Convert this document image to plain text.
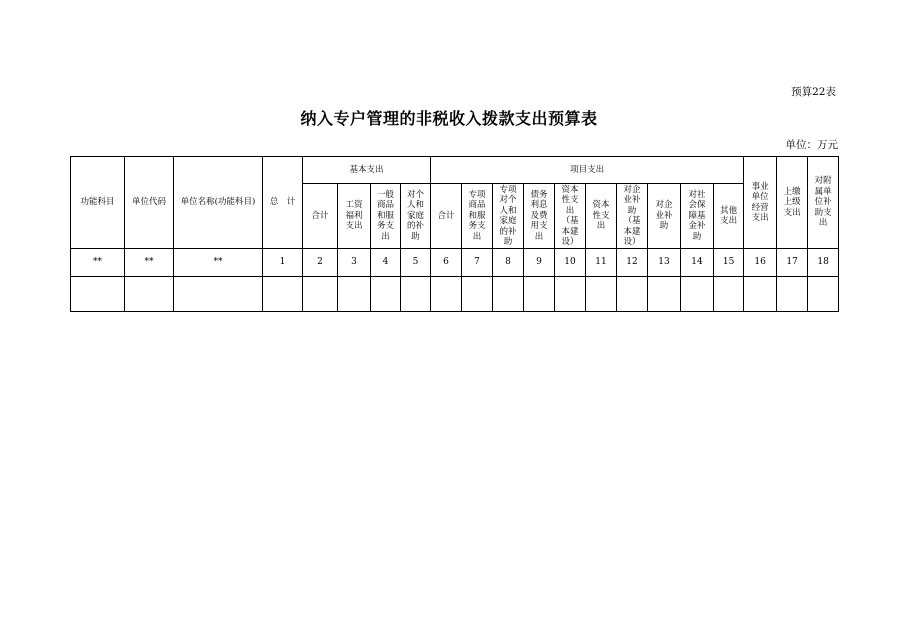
预算22表
纳入专户管理的非税收入拨款支出预算表
单位：万元
功能科目	单位代码	单位名称(功能科目)	总　计	基本支出				项目支出										事业单位经营支出	上缴上级支出	对附属单位补助支出
				合计	工资福利支出	一般商品和服务支出	对个人和家庭的补助	合计	专项商品和服务支出	专项对个人和家庭的补助	债务利息及费用支出	资本性支出（基本建设）	资本性支出	对企业补助（基本建设）	对企业补助	对社会保障基金补助	其他支出			
**	**	**	1	2	3	4	5	6	7	8	9	10	11	12	13	14	15	16	17	18
